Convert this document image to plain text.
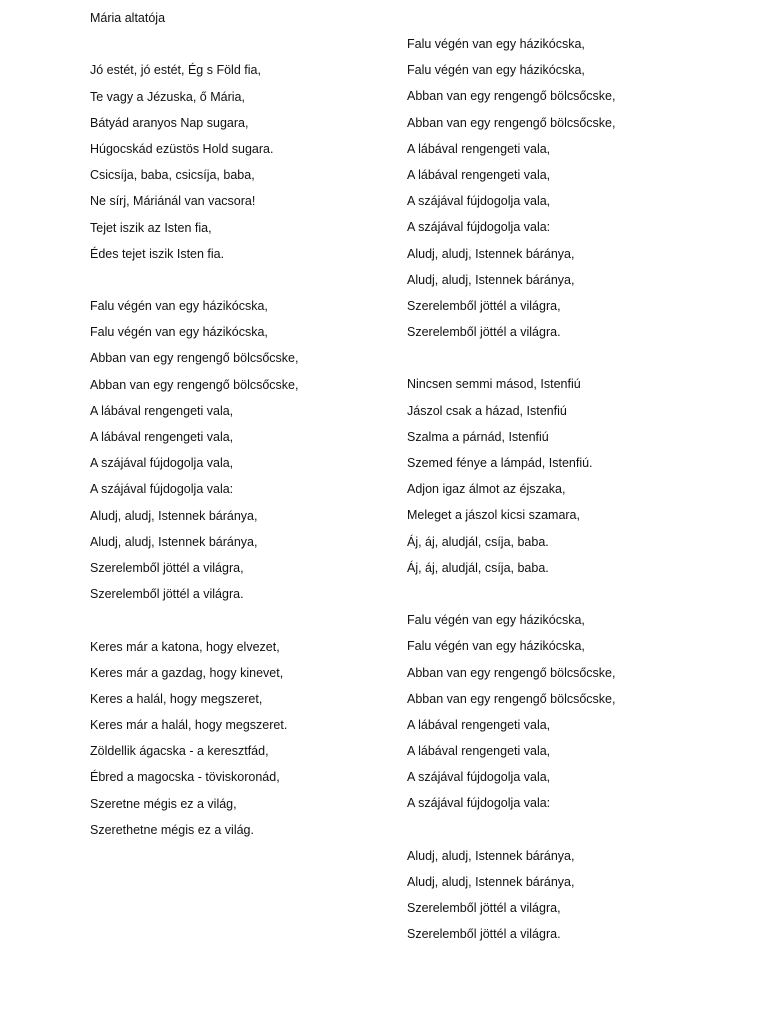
Mária altatója
Jó estét, jó estét, Ég s Föld fia,
Te vagy a Jézuska, ő Mária,
Bátyád aranyos Nap sugara,
Húgocskád ezüstös Hold sugara.
Csicsíja, baba, csicsíja, baba,
Ne sírj, Máriánál van vacsora!
Tejet iszik az Isten fia,
Édes tejet iszik Isten fia.
Falu végén van egy házikócska,
Falu végén van egy házikócska,
Abban van egy rengengő bölcsőcske,
Abban van egy rengengő bölcsőcske,
A lábával rengengeti vala,
A lábával rengengeti vala,
A szájával fújdogolja vala,
A szájával fújdogolja vala:
Aludj, aludj, Istennek báránya,
Aludj, aludj, Istennek báránya,
Szerelemből jöttél a világra,
Szerelemből jöttél a világra.
Keres már a katona, hogy elvezet,
Keres már a gazdag, hogy kinevet,
Keres a halál, hogy megszeret,
Keres már a halál, hogy megszeret.
Zöldellik ágacska - a keresztfád,
Ébred a magocska - töviskoronád,
Szeretne mégis ez a világ,
Szerethetne mégis ez a világ.
Falu végén van egy házikócska,
Falu végén van egy házikócska,
Abban van egy rengengő bölcsőcske,
Abban van egy rengengő bölcsőcske,
A lábával rengengeti vala,
A lábával rengengeti vala,
A szájával fújdogolja vala,
A szájával fújdogolja vala:
Aludj, aludj, Istennek báránya,
Aludj, aludj, Istennek báránya,
Szerelemből jöttél a világra,
Szerelemből jöttél a világra.
Nincsen semmi másod, Istenfiú
Jászol csak a házad, Istenfiú
Szalma a párnád, Istenfiú
Szemed fénye a lámpád, Istenfiú.
Adjon igaz álmot az éjszaka,
Meleget a jászol kicsi szamara,
Áj, áj, aludjál, csíja, baba.
Áj, áj, aludjál, csíja, baba.
Falu végén van egy házikócska,
Falu végén van egy házikócska,
Abban van egy rengengő bölcsőcske,
Abban van egy rengengő bölcsőcske,
A lábával rengengeti vala,
A lábával rengengeti vala,
A szájával fújdogolja vala,
A szájával fújdogolja vala:
Aludj, aludj, Istennek báránya,
Aludj, aludj, Istennek báránya,
Szerelemből jöttél a világra,
Szerelemből jöttél a világra.
